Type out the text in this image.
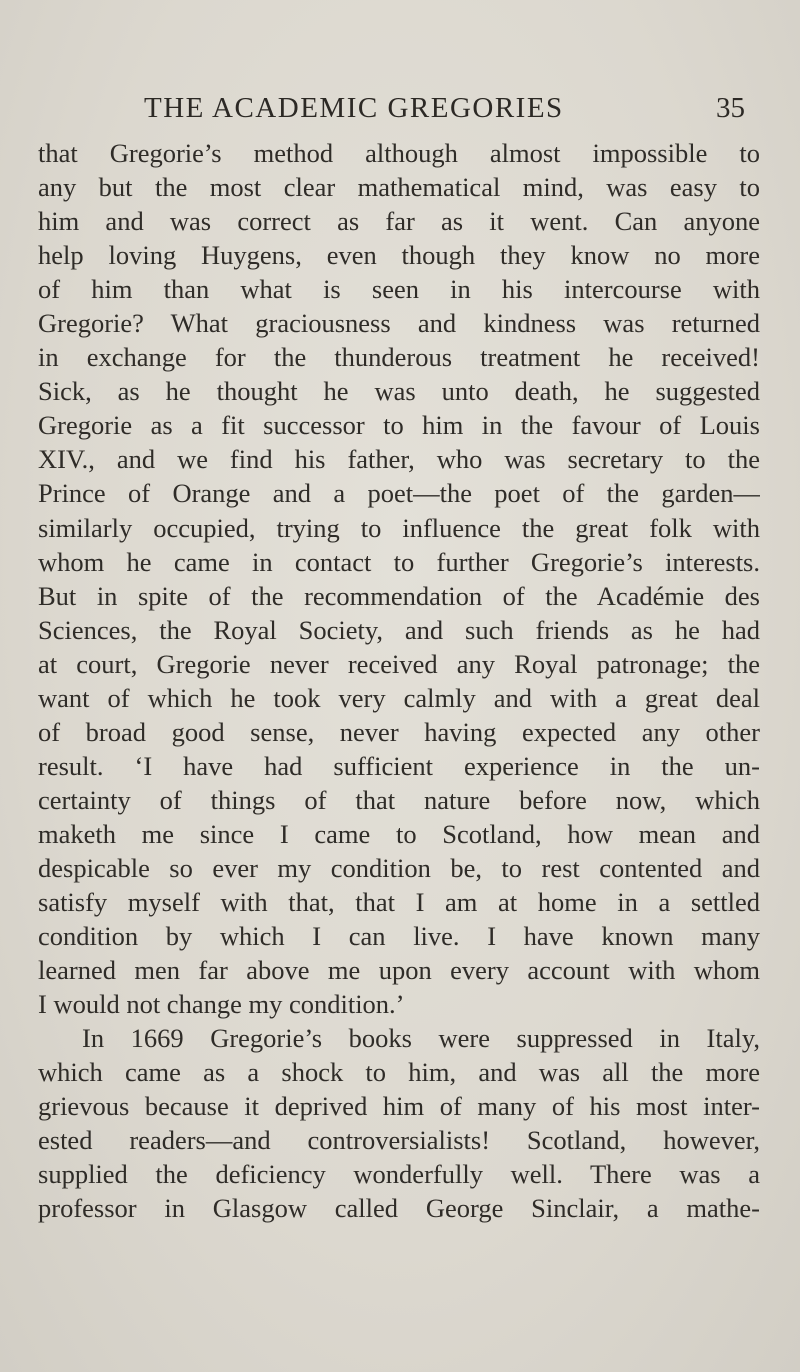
THE ACADEMIC GREGORIES	35
that Gregorie’s method although almost impossible to
any but the most clear mathematical mind, was easy to
him and was correct as far as it went. Can anyone
help loving Huygens, even though they know no more
of him than what is seen in his intercourse with
Gregorie? What graciousness and kindness was returned
in exchange for the thunderous treatment he received!
Sick, as he thought he was unto death, he suggested
Gregorie as a fit successor to him in the favour of Louis
XIV., and we find his father, who was secretary to the
Prince of Orange and a poet—the poet of the garden—
similarly occupied, trying to influence the great folk with
whom he came in contact to further Gregorie’s interests.
But in spite of the recommendation of the Académie des
Sciences, the Royal Society, and such friends as he had
at court, Gregorie never received any Royal patronage; the
want of which he took very calmly and with a great deal
of broad good sense, never having expected any other
result. ‘I have had sufficient experience in the un-
certainty of things of that nature before now, which
maketh me since I came to Scotland, how mean and
despicable so ever my condition be, to rest contented and
satisfy myself with that, that I am at home in a settled
condition by which I can live. I have known many
learned men far above me upon every account with whom
I would not change my condition.’
In 1669 Gregorie’s books were suppressed in Italy,
which came as a shock to him, and was all the more
grievous because it deprived him of many of his most inter-
ested readers—and controversialists! Scotland, however,
supplied the deficiency wonderfully well. There was a
professor in Glasgow called George Sinclair, a mathe-
